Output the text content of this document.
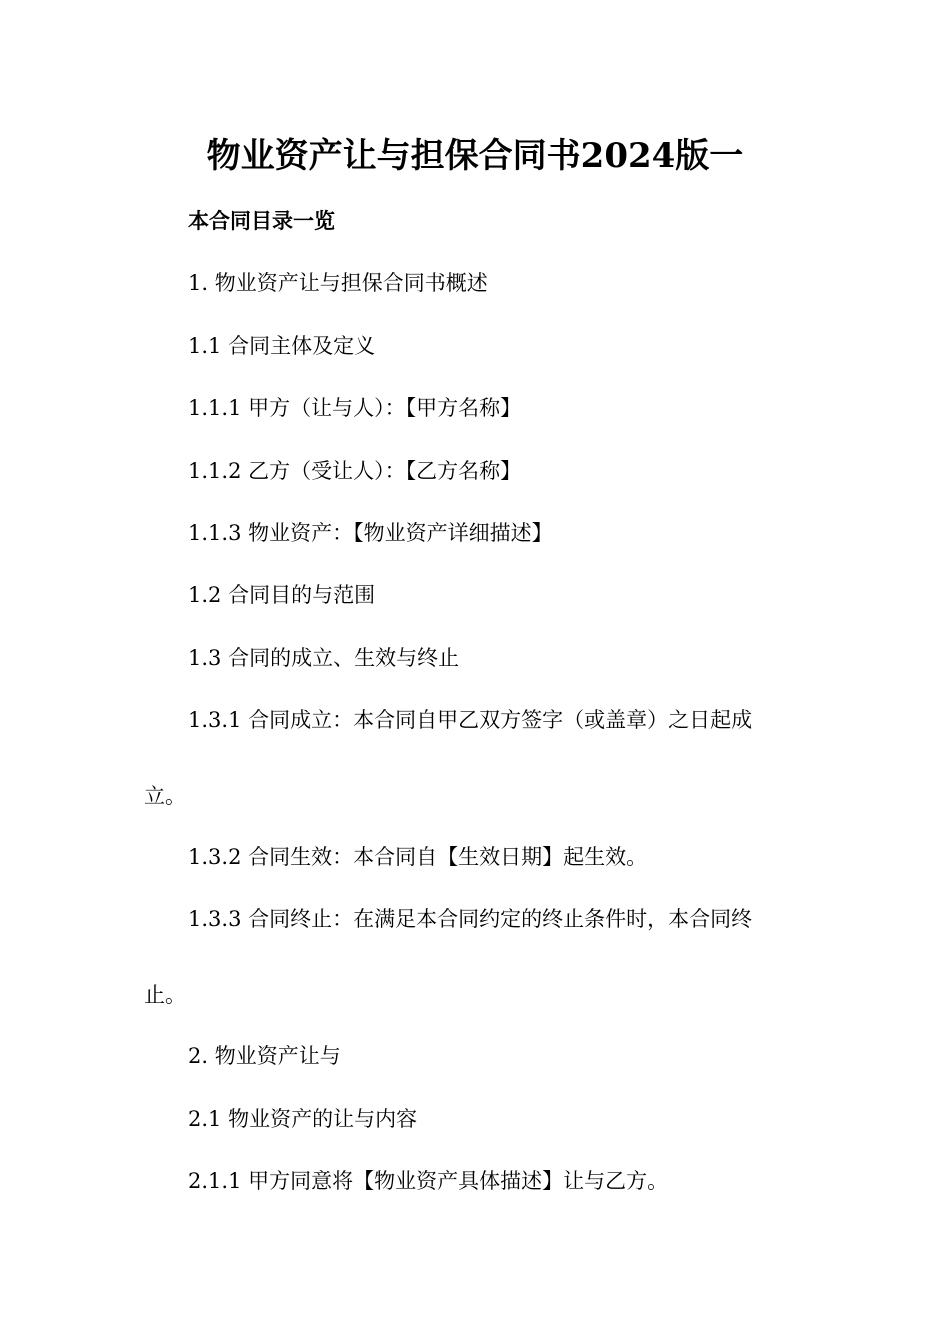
物业资产让与担保合同书2024版一
本合同目录一览
1. 物业资产让与担保合同书概述
1.1 合同主体及定义
1.1.1 甲方（让与人）：【甲方名称】
1.1.2 乙方（受让人）：【乙方名称】
1.1.3 物业资产：【物业资产详细描述】
1.2 合同目的与范围
1.3 合同的成立、生效与终止
1.3.1 合同成立：本合同自甲乙双方签字（或盖章）之日起成
立。
1.3.2 合同生效：本合同自【生效日期】起生效。
1.3.3 合同终止：在满足本合同约定的终止条件时，本合同终
止。
2. 物业资产让与
2.1 物业资产的让与内容
2.1.1 甲方同意将【物业资产具体描述】让与乙方。
